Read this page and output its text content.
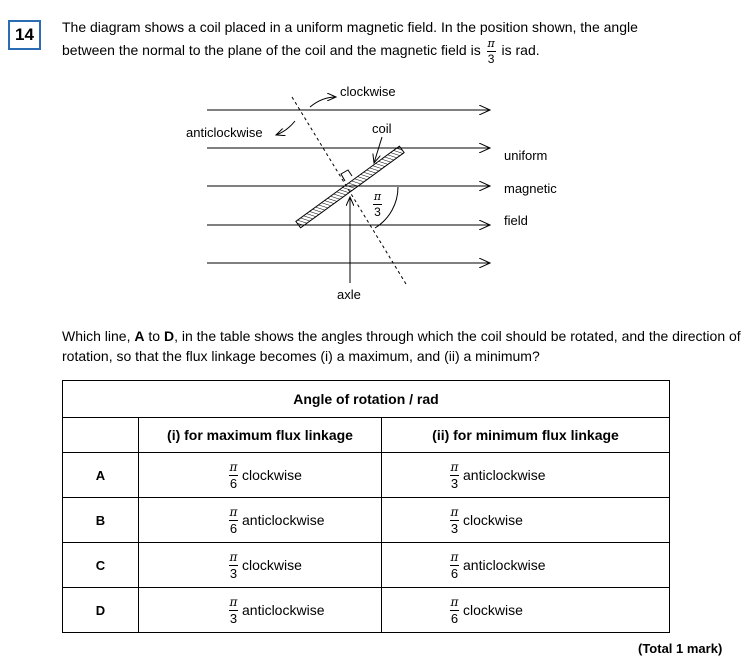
14	The diagram shows a coil placed in a uniform magnetic field. In the position shown, the angle
between the normal to the plane of the coil and the magnetic field is $\frac{\pi}{3}$ is rad.
clockwise
anticlockwise	coil
uniform
magnetic
field
axle
$\frac{\pi}{3}$
Which line, A to D, in the table shows the angles through which the coil should be rotated, and the direction of rotation, so that the flux linkage becomes (i) a maximum, and (ii) a minimum?
Angle of rotation / rad		
	(i) for maximum flux linkage	(ii) for minimum flux linkage
A	$\frac{\pi}{6}$ clockwise	$\frac{\pi}{3}$ anticlockwise

B	$\frac{\pi}{6}$ anticlockwise	$\frac{\pi}{3}$ clockwise

C	$\frac{\pi}{3}$ clockwise	$\frac{\pi}{6}$ anticlockwise

D	$\frac{\pi}{3}$ anticlockwise	$\frac{\pi}{6}$ clockwise
(Total 1 mark)
